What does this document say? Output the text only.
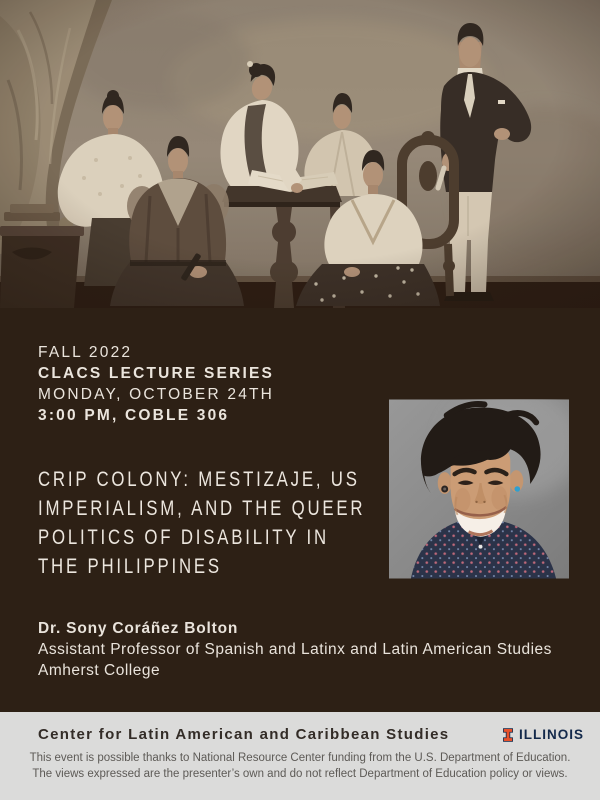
FALL 2022
CLACS LECTURE SERIES
MONDAY, OCTOBER 24TH
3:00 PM, COBLE 306
CRIP COLONY: MESTIZAJE, US
IMPERIALISM, AND THE QUEER
POLITICS OF DISABILITY IN
THE PHILIPPINES
Dr. Sony Coráñez Bolton
Assistant Professor of Spanish and Latinx and Latin American Studies
Amherst College
Center for Latin American and Caribbean Studies	ILLINOIS
This event is possible thanks to National Resource Center funding from the U.S. Department of Education.
The views expressed are the presenter’s own and do not reflect Department of Education policy or views.
